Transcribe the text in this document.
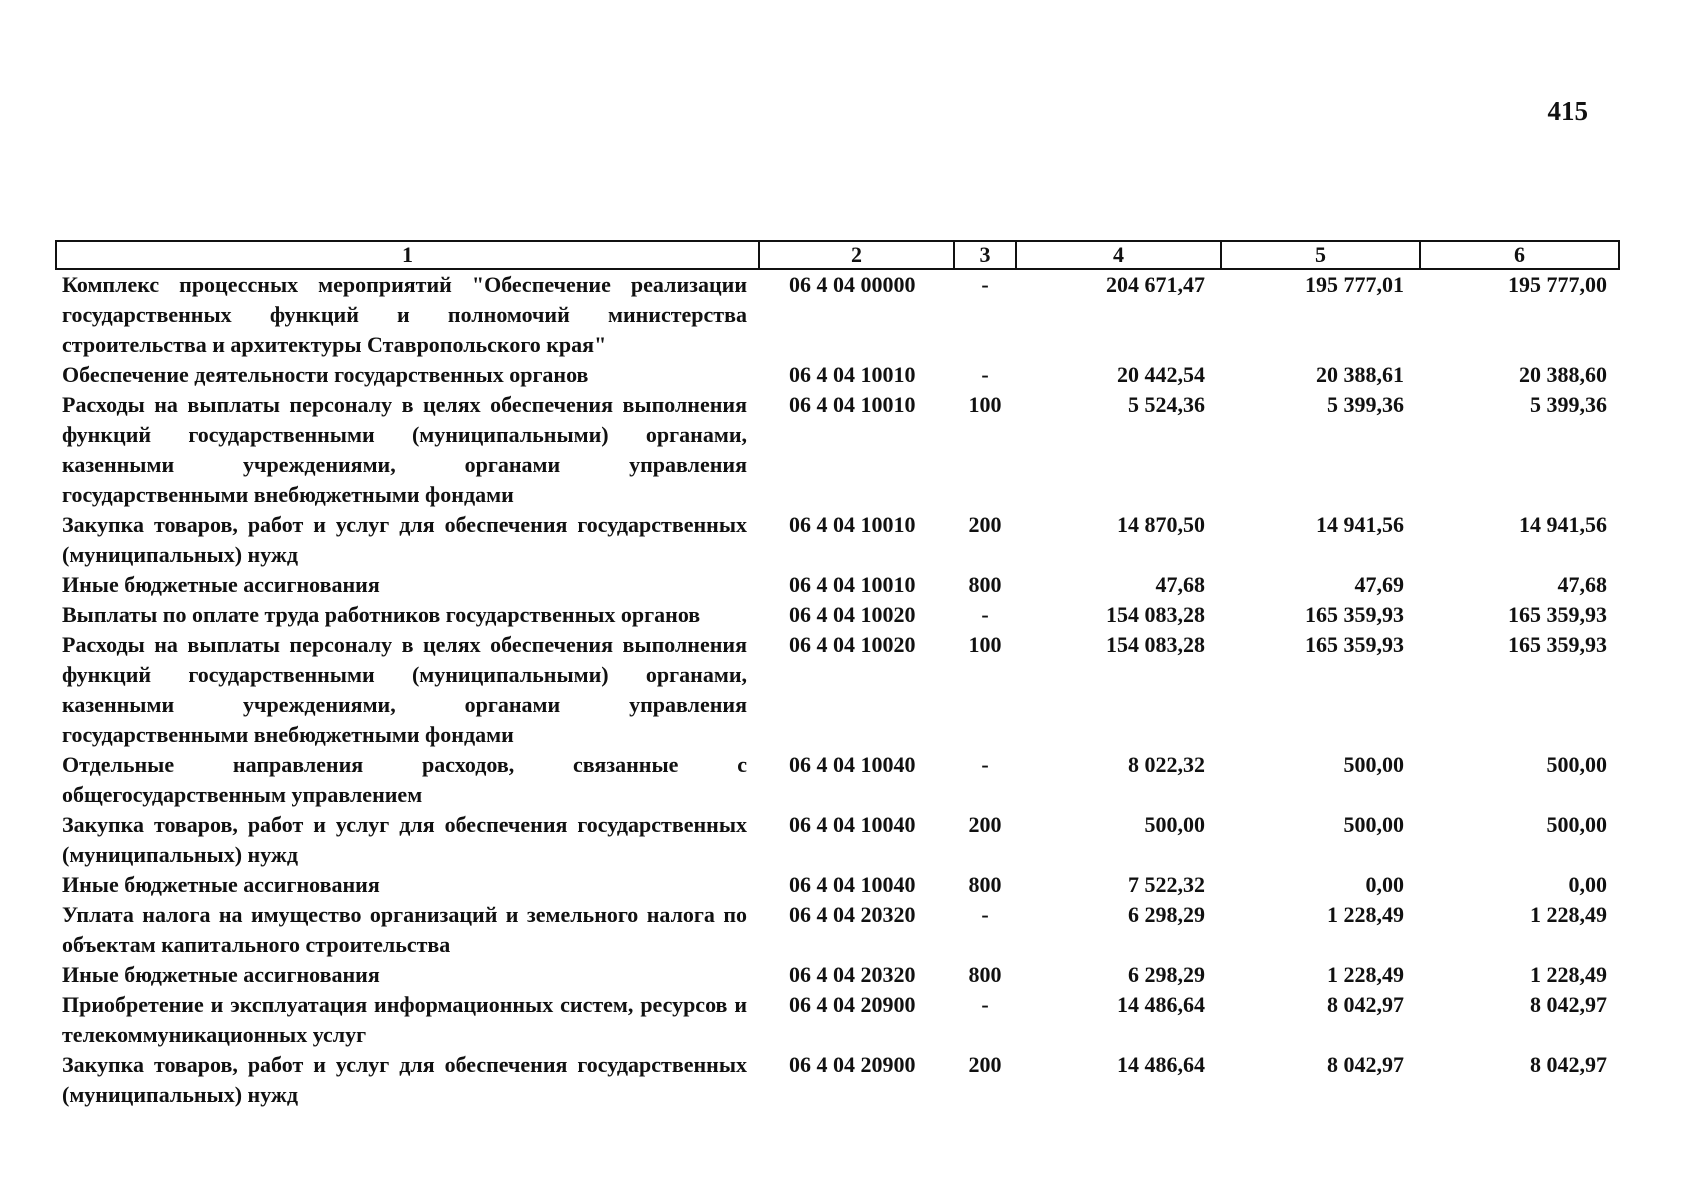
415
1	2	3	4	5	6
Комплекс процессных мероприятий "Обеспечение реализации государственных функций и полномочий министерства строительства и архитектуры Ставропольского края"	06 4 04 00000	-	204 671,47	195 777,01	195 777,00
Обеспечение деятельности государственных органов	06 4 04 10010	-	20 442,54	20 388,61	20 388,60
Расходы на выплаты персоналу в целях обеспечения выполнения функций государственными (муниципальными) органами, казенными учреждениями, органами управления государственными внебюджетными фондами	06 4 04 10010	100	5 524,36	5 399,36	5 399,36
Закупка товаров, работ и услуг для обеспечения государственных (муниципальных) нужд	06 4 04 10010	200	14 870,50	14 941,56	14 941,56
Иные бюджетные ассигнования	06 4 04 10010	800	47,68	47,69	47,68
Выплаты по оплате труда работников государственных органов	06 4 04 10020	-	154 083,28	165 359,93	165 359,93
Расходы на выплаты персоналу в целях обеспечения выполнения функций государственными (муниципальными) органами, казенными учреждениями, органами управления государственными внебюджетными фондами	06 4 04 10020	100	154 083,28	165 359,93	165 359,93
Отдельные направления расходов, связанные с общегосударственным управлением	06 4 04 10040	-	8 022,32	500,00	500,00
Закупка товаров, работ и услуг для обеспечения государственных (муниципальных) нужд	06 4 04 10040	200	500,00	500,00	500,00
Иные бюджетные ассигнования	06 4 04 10040	800	7 522,32	0,00	0,00
Уплата налога на имущество организаций и земельного налога по объектам капитального строительства	06 4 04 20320	-	6 298,29	1 228,49	1 228,49
Иные бюджетные ассигнования	06 4 04 20320	800	6 298,29	1 228,49	1 228,49
Приобретение и эксплуатация информационных систем, ресурсов и телекоммуникационных услуг	06 4 04 20900	-	14 486,64	8 042,97	8 042,97
Закупка товаров, работ и услуг для обеспечения государственных (муниципальных) нужд	06 4 04 20900	200	14 486,64	8 042,97	8 042,97
